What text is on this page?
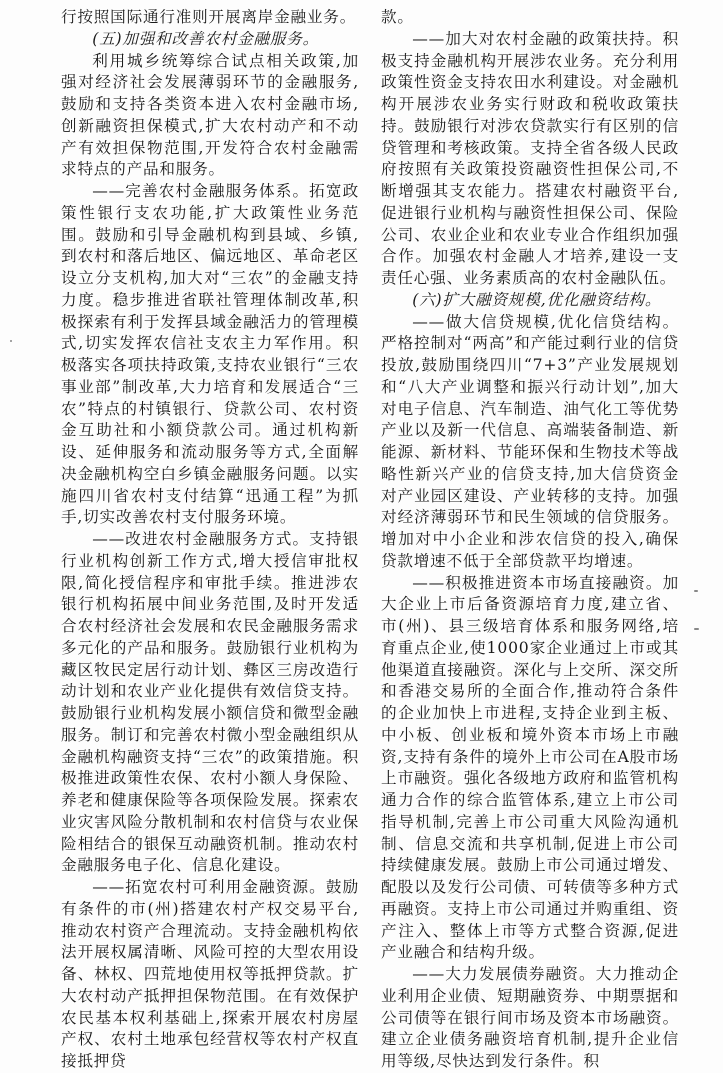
行按照国际通行准则开展离岸金融业务。

(五)加强和改善农村金融服务。

利用城乡统筹综合试点相关政策,加强对经济社会发展薄弱环节的金融服务,鼓励和支持各类资本进入农村金融市场,创新融资担保模式,扩大农村动产和不动产有效担保物范围,开发符合农村金融需求特点的产品和服务。

——完善农村金融服务体系。拓宽政策性银行支农功能,扩大政策性业务范围。鼓励和引导金融机构到县域、乡镇,到农村和落后地区、偏远地区、革命老区设立分支机构,加大对“三农”的金融支持力度。稳步推进省联社管理体制改革,积极探索有利于发挥县域金融活力的管理模式,切实发挥农信社支农主力军作用。积极落实各项扶持政策,支持农业银行“三农事业部”制改革,大力培育和发展适合“三农”特点的村镇银行、贷款公司、农村资金互助社和小额贷款公司。通过机构新设、延伸服务和流动服务等方式,全面解决金融机构空白乡镇金融服务问题。以实施四川省农村支付结算“迅通工程”为抓手,切实改善农村支付服务环境。

——改进农村金融服务方式。支持银行业机构创新工作方式,增大授信审批权限,简化授信程序和审批手续。推进涉农银行机构拓展中间业务范围,及时开发适合农村经济社会发展和农民金融服务需求多元化的产品和服务。鼓励银行业机构为藏区牧民定居行动计划、彝区三房改造行动计划和农业产业化提供有效信贷支持。鼓励银行业机构发展小额信贷和微型金融服务。制订和完善农村微小型金融组织从金融机构融资支持“三农”的政策措施。积极推进政策性农保、农村小额人身保险、养老和健康保险等各项保险发展。探索农业灾害风险分散机制和农村信贷与农业保险相结合的银保互动融资机制。推动农村金融服务电子化、信息化建设。

——拓宽农村可利用金融资源。鼓励有条件的市(州)搭建农村产权交易平台,推动农村资产合理流动。支持金融机构依法开展权属清晰、风险可控的大型农用设备、林权、四荒地使用权等抵押贷款。扩大农村动产抵押担保物范围。在有效保护农民基本权利基础上,探索开展农村房屋产权、农村土地承包经营权等农村产权直接抵押贷

款。

——加大对农村金融的政策扶持。积极支持金融机构开展涉农业务。充分利用政策性资金支持农田水利建设。对金融机构开展涉农业务实行财政和税收政策扶持。鼓励银行对涉农贷款实行有区别的信贷管理和考核政策。支持全省各级人民政府按照有关政策投资融资性担保公司,不断增强其支农能力。搭建农村融资平台,促进银行业机构与融资性担保公司、保险公司、农业企业和农业专业合作组织加强合作。加强农村金融人才培养,建设一支责任心强、业务素质高的农村金融队伍。

(六)扩大融资规模,优化融资结构。

——做大信贷规模,优化信贷结构。严格控制对“两高”和产能过剩行业的信贷投放,鼓励围绕四川“7+3”产业发展规划和“八大产业调整和振兴行动计划”,加大对电子信息、汽车制造、油气化工等优势产业以及新一代信息、高端装备制造、新能源、新材料、节能环保和生物技术等战略性新兴产业的信贷支持,加大信贷资金对产业园区建设、产业转移的支持。加强对经济薄弱环节和民生领域的信贷服务。增加对中小企业和涉农信贷的投入,确保贷款增速不低于全部贷款平均增速。

——积极推进资本市场直接融资。加大企业上市后备资源培育力度,建立省、市(州)、县三级培育体系和服务网络,培育重点企业,使1000家企业通过上市或其他渠道直接融资。深化与上交所、深交所和香港交易所的全面合作,推动符合条件的企业加快上市进程,支持企业到主板、中小板、创业板和境外资本市场上市融资,支持有条件的境外上市公司在A股市场上市融资。强化各级地方政府和监管机构通力合作的综合监管体系,建立上市公司指导机制,完善上市公司重大风险沟通机制、信息交流和共享机制,促进上市公司持续健康发展。鼓励上市公司通过增发、配股以及发行公司债、可转债等多种方式再融资。支持上市公司通过并购重组、资产注入、整体上市等方式整合资源,促进产业融合和结构升级。

——大力发展债券融资。大力推动企业利用企业债、短期融资券、中期票据和公司债等在银行间市场及资本市场融资。建立企业债务融资培育机制,提升企业信用等级,尽快达到发行条件。积
